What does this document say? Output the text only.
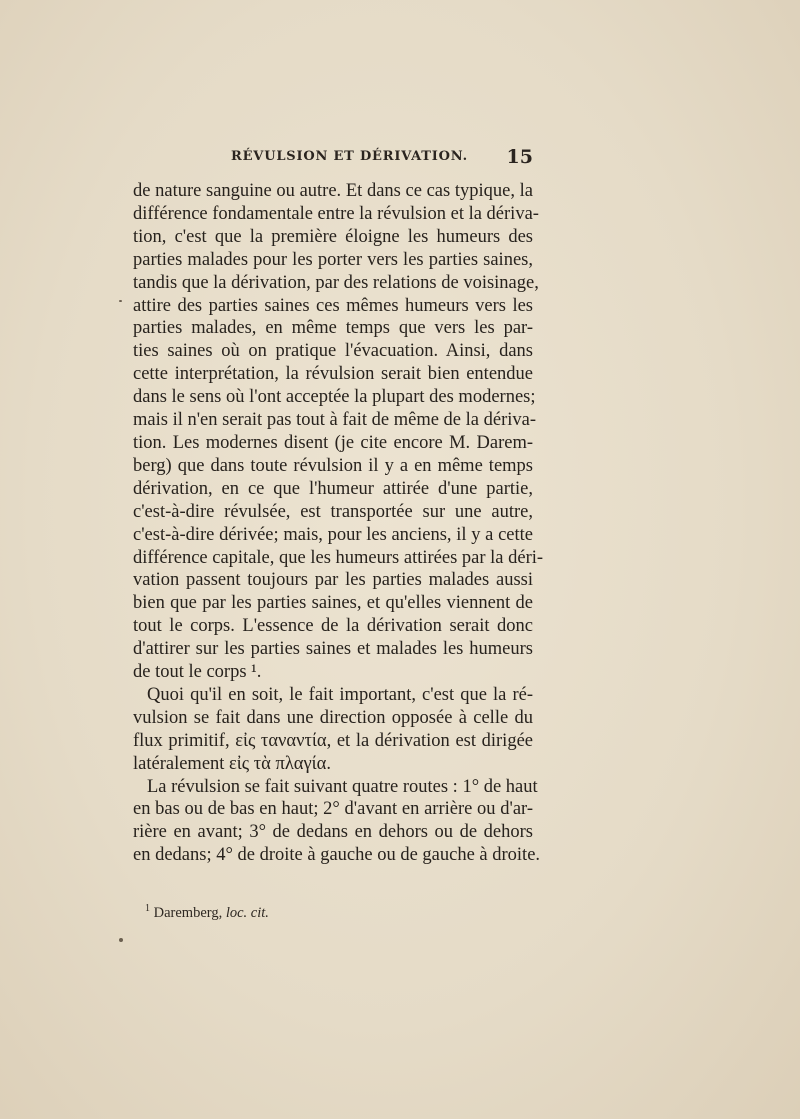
RÉVULSION ET DÉRIVATION. 15
de nature sanguine ou autre. Et dans ce cas typique, la
différence fondamentale entre la révulsion et la dériva-
tion, c'est que la première éloigne les humeurs des
parties malades pour les porter vers les parties saines,
tandis que la dérivation, par des relations de voisinage,
attire des parties saines ces mêmes humeurs vers les
parties malades, en même temps que vers les par-
ties saines où on pratique l'évacuation. Ainsi, dans
cette interprétation, la révulsion serait bien entendue
dans le sens où l'ont acceptée la plupart des modernes;
mais il n'en serait pas tout à fait de même de la dériva-
tion. Les modernes disent (je cite encore M. Darem-
berg) que dans toute révulsion il y a en même temps
dérivation, en ce que l'humeur attirée d'une partie,
c'est-à-dire révulsée, est transportée sur une autre,
c'est-à-dire dérivée; mais, pour les anciens, il y a cette
différence capitale, que les humeurs attirées par la déri-
vation passent toujours par les parties malades aussi
bien que par les parties saines, et qu'elles viennent de
tout le corps. L'essence de la dérivation serait donc
d'attirer sur les parties saines et malades les humeurs
de tout le corps ¹.
Quoi qu'il en soit, le fait important, c'est que la ré-
vulsion se fait dans une direction opposée à celle du
flux primitif, εἰς ταναντία, et la dérivation est dirigée
latéralement εἰς τὰ πλαγία.
La révulsion se fait suivant quatre routes : 1° de haut
en bas ou de bas en haut; 2° d'avant en arrière ou d'ar-
rière en avant; 3° de dedans en dehors ou de dehors
en dedans; 4° de droite à gauche ou de gauche à droite.
$^1$ Daremberg, loc. cit.
